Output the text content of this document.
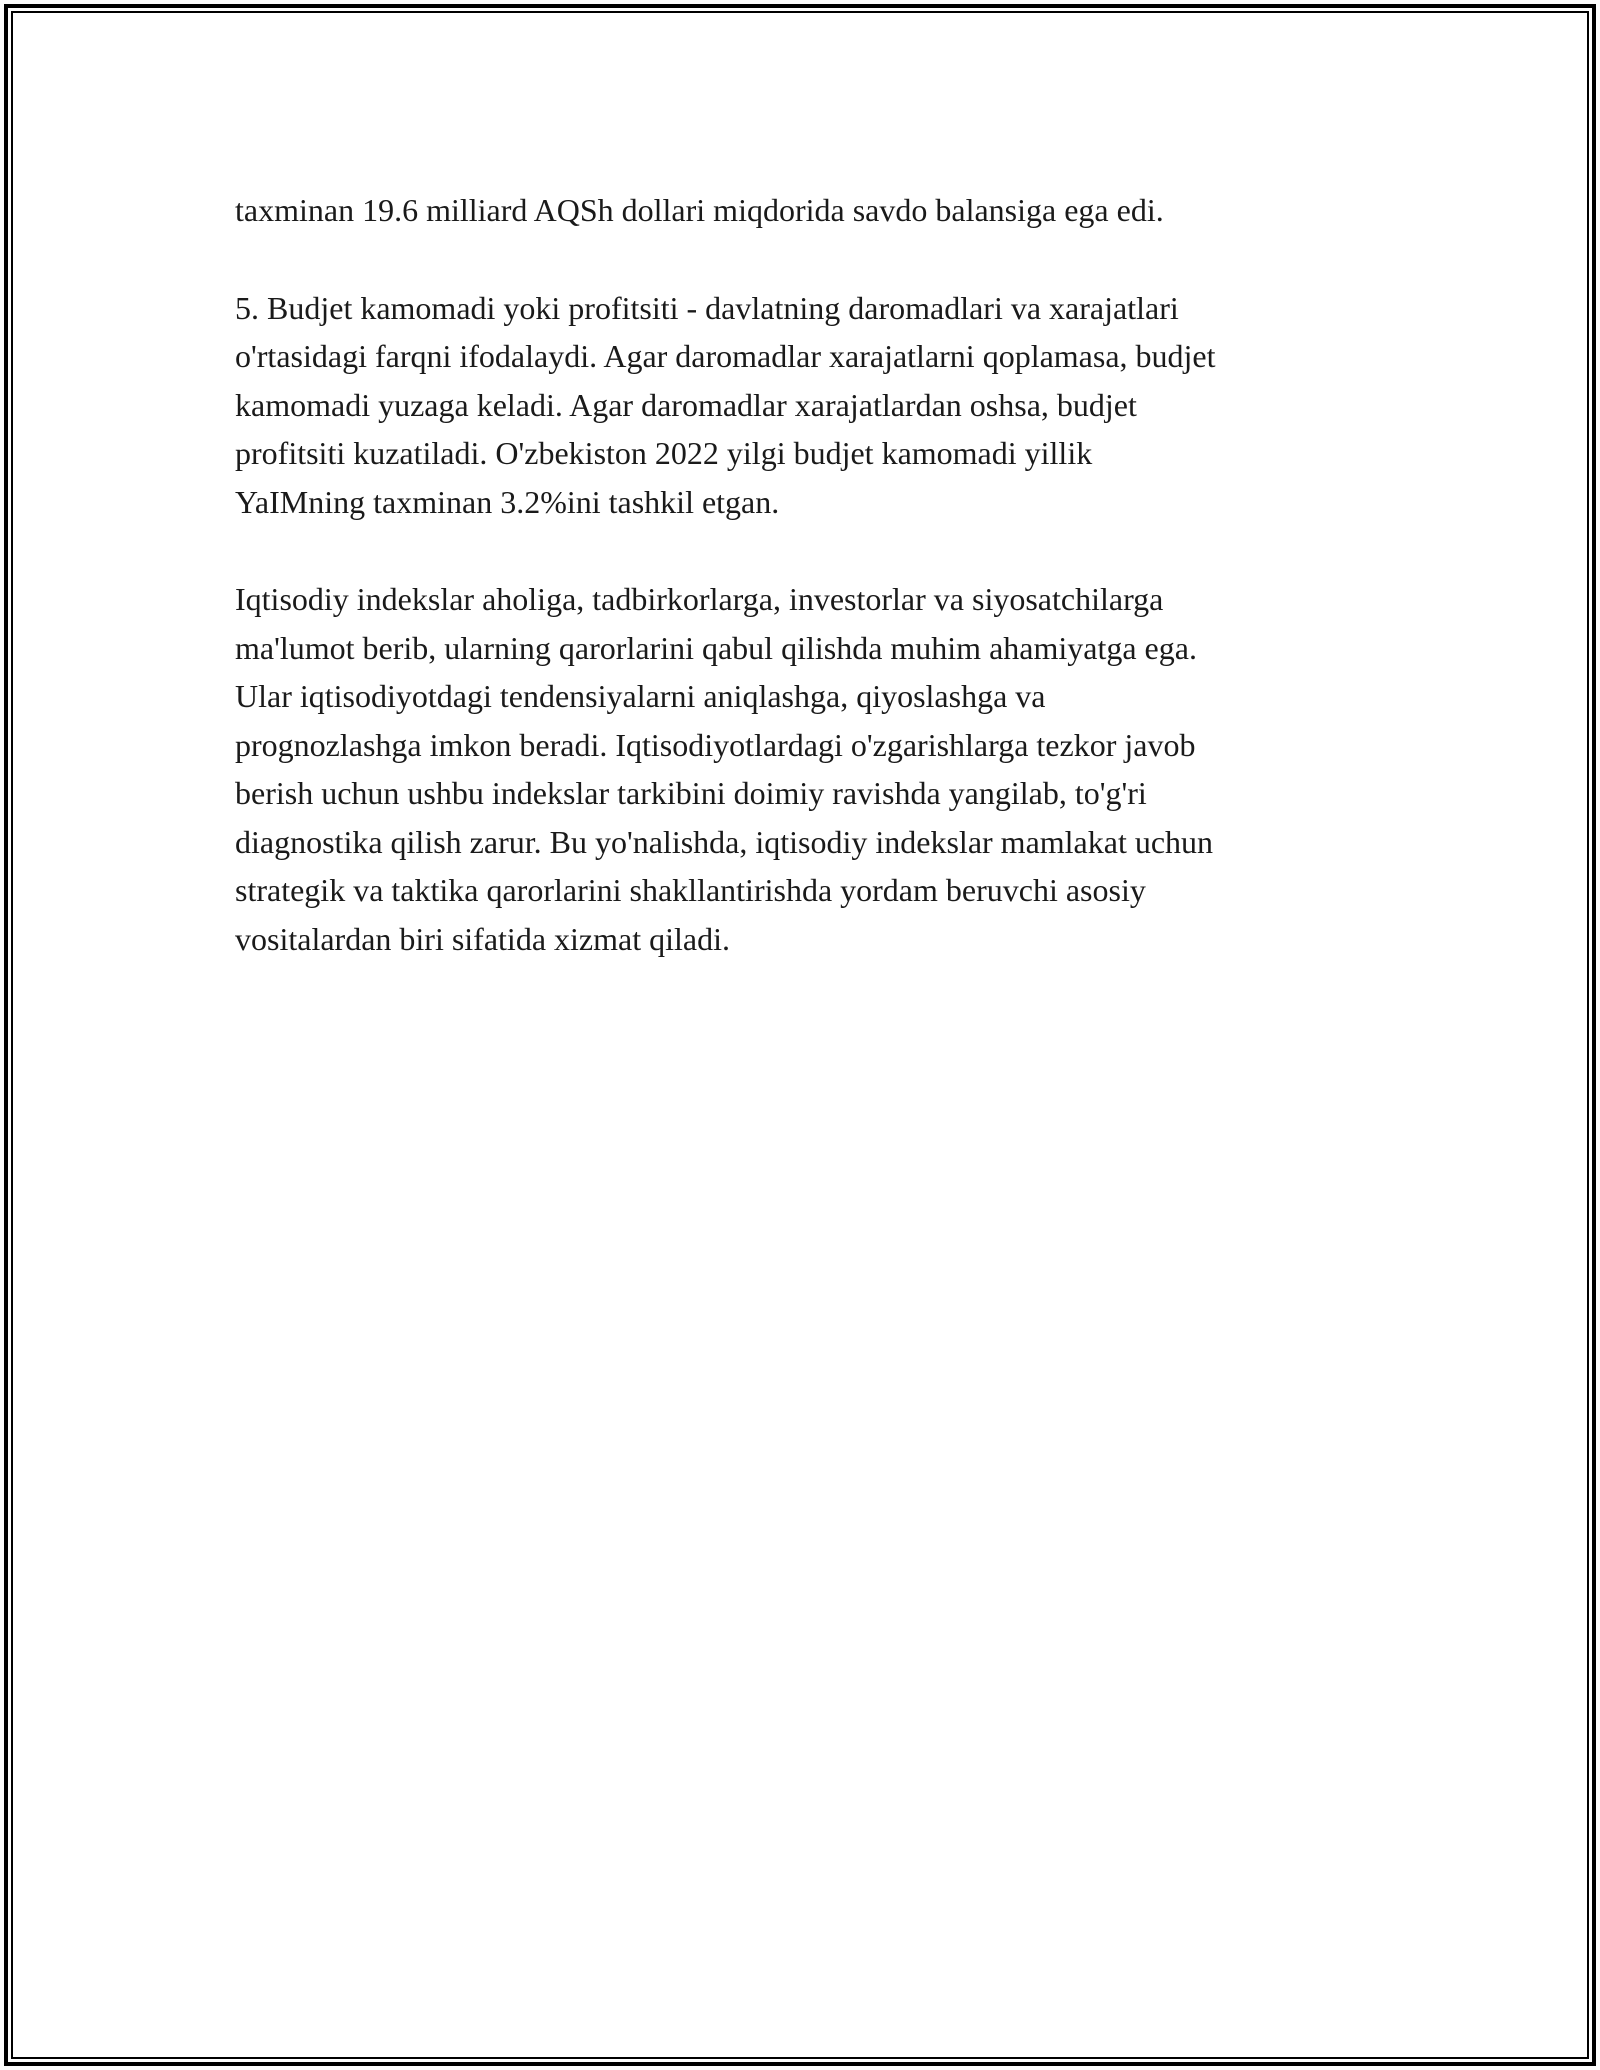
taxminan 19.6 milliard AQSh dollari miqdorida savdo balansiga ega edi.

5. Budjet kamomadi yoki profitsiti - davlatning daromadlari va xarajatlari
o'rtasidagi farqni ifodalaydi. Agar daromadlar xarajatlarni qoplamasa, budjet
kamomadi yuzaga keladi. Agar daromadlar xarajatlardan oshsa, budjet
profitsiti kuzatiladi. O'zbekiston 2022 yilgi budjet kamomadi yillik
YaIMning taxminan 3.2%ini tashkil etgan.

Iqtisodiy indekslar aholiga, tadbirkorlarga, investorlar va siyosatchilarga
ma'lumot berib, ularning qarorlarini qabul qilishda muhim ahamiyatga ega.
Ular iqtisodiyotdagi tendensiyalarni aniqlashga, qiyoslashga va
prognozlashga imkon beradi. Iqtisodiyotlardagi o'zgarishlarga tezkor javob
berish uchun ushbu indekslar tarkibini doimiy ravishda yangilab, to'g'ri
diagnostika qilish zarur. Bu yo'nalishda, iqtisodiy indekslar mamlakat uchun
strategik va taktika qarorlarini shakllantirishda yordam beruvchi asosiy
vositalardan biri sifatida xizmat qiladi.
